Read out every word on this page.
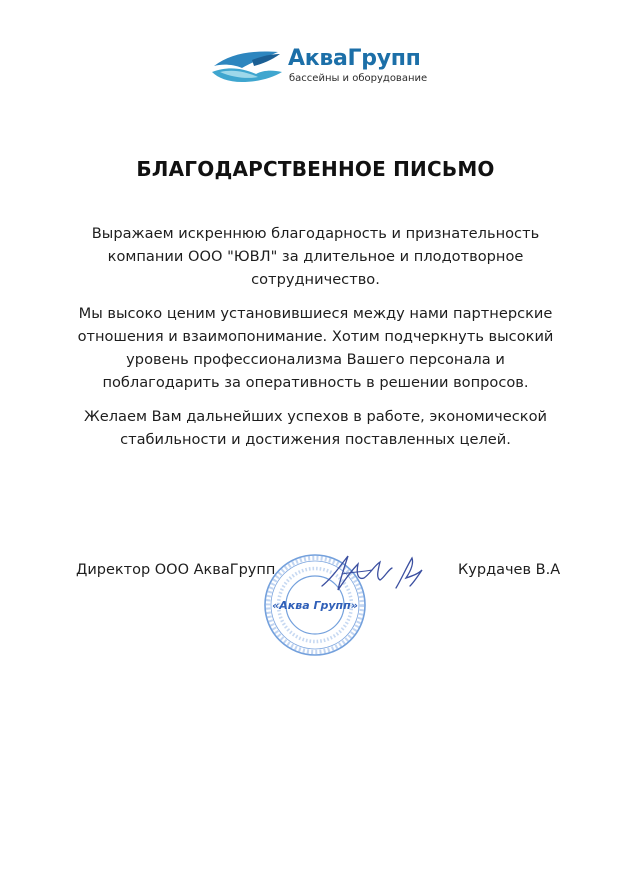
АкваГрупп
бассейны и оборудование
БЛАГОДАРСТВЕННОЕ ПИСЬМО

Выражаем искреннюю благодарность и признательность
компании ООО "ЮВЛ" за длительное и плодотворное
сотрудничество.

Мы высоко ценим установившиеся между нами партнерские
отношения и взаимопонимание. Хотим подчеркнуть высокий
уровень профессионализма Вашего персонала и
поблагодарить за оперативность в решении вопросов.

Желаем Вам дальнейших успехов в работе, экономической
стабильности и достижения поставленных целей.

Директор ООО АкваГрупп
«Аква Групп»
Курдачев В.А
